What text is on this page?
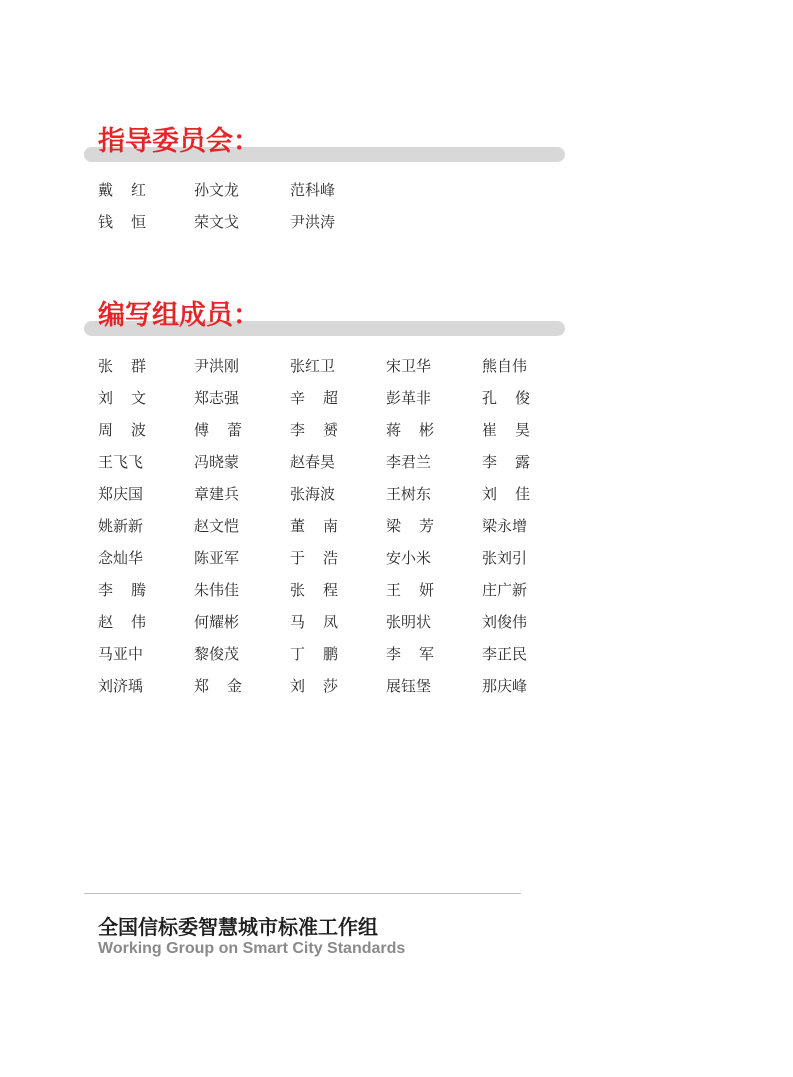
指导委员会：
戴 红	孙文龙	范科峰
钱 恒	荣文戈	尹洪涛
编写组成员：
张 群	尹洪刚	张红卫	宋卫华	熊自伟
刘 文	郑志强	辛 超	彭革非	孔 俊
周 波	傅 蕾	李 赟	蒋 彬	崔 昊
王飞飞	冯晓蒙	赵春昊	李君兰	李 露
郑庆国	章建兵	张海波	王树东	刘 佳
姚新新	赵文恺	董 南	梁 芳	梁永增
念灿华	陈亚军	于 浩	安小米	张刘引
李 腾	朱伟佳	张 程	王 妍	庄广新
赵 伟	何耀彬	马 凤	张明状	刘俊伟
马亚中	黎俊茂	丁 鹏	李 军	李正民
刘济瑀	郑 金	刘 莎	展钰堡	那庆峰
全国信标委智慧城市标准工作组
Working Group on Smart City Standards
